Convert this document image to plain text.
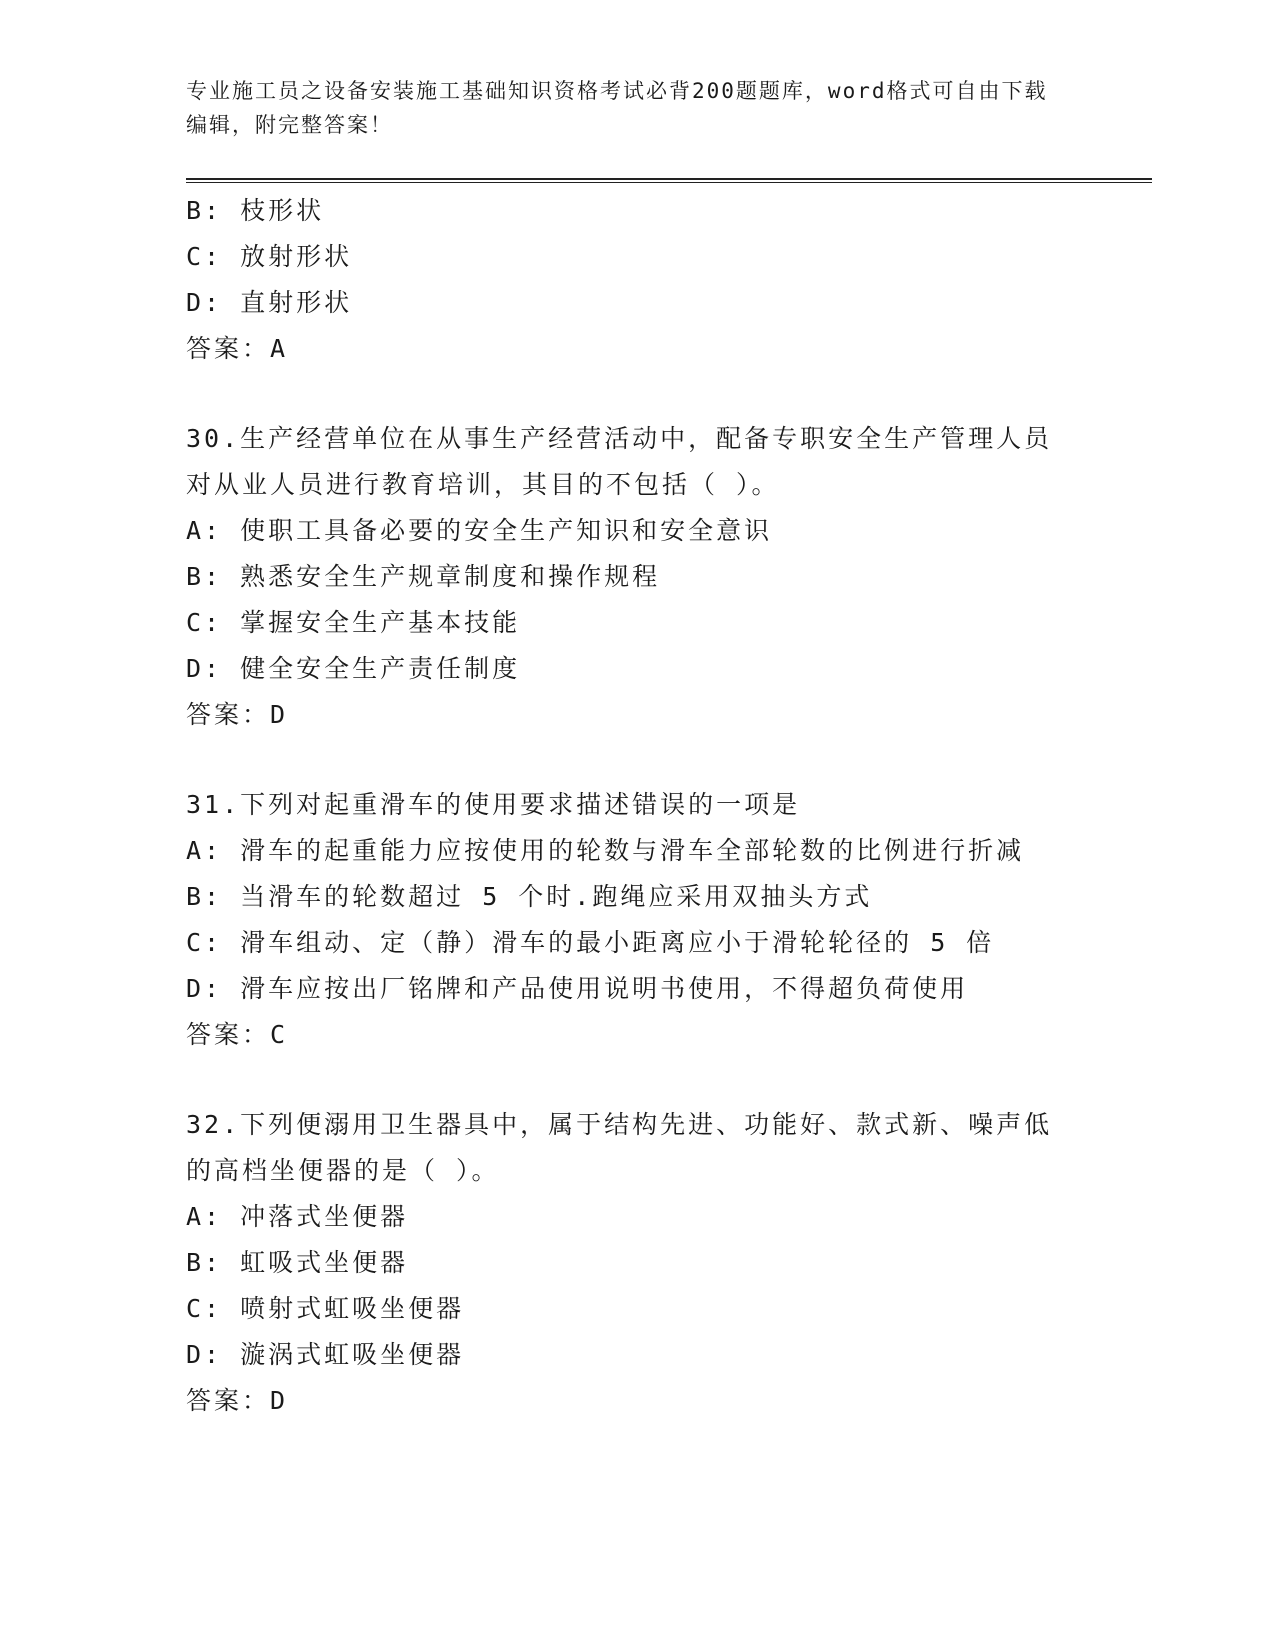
专业施工员之设备安装施工基础知识资格考试必背200题题库，word格式可自由下载编辑，附完整答案！

B: 枝形状

C: 放射形状

D: 直射形状

答案：A

30.生产经营单位在从事生产经营活动中，配备专职安全生产管理人员

对从业人员进行教育培训，其目的不包括（ ）。

A: 使职工具备必要的安全生产知识和安全意识

B: 熟悉安全生产规章制度和操作规程

C: 掌握安全生产基本技能

D: 健全安全生产责任制度

答案：D

31.下列对起重滑车的使用要求描述错误的一项是

A: 滑车的起重能力应按使用的轮数与滑车全部轮数的比例进行折减

B: 当滑车的轮数超过 5 个时.跑绳应采用双抽头方式

C: 滑车组动、定（静）滑车的最小距离应小于滑轮轮径的 5 倍

D: 滑车应按出厂铭牌和产品使用说明书使用，不得超负荷使用

答案：C

32.下列便溺用卫生器具中，属于结构先进、功能好、款式新、噪声低

的高档坐便器的是（ ）。

A: 冲落式坐便器

B: 虹吸式坐便器

C: 喷射式虹吸坐便器

D: 漩涡式虹吸坐便器

答案：D
